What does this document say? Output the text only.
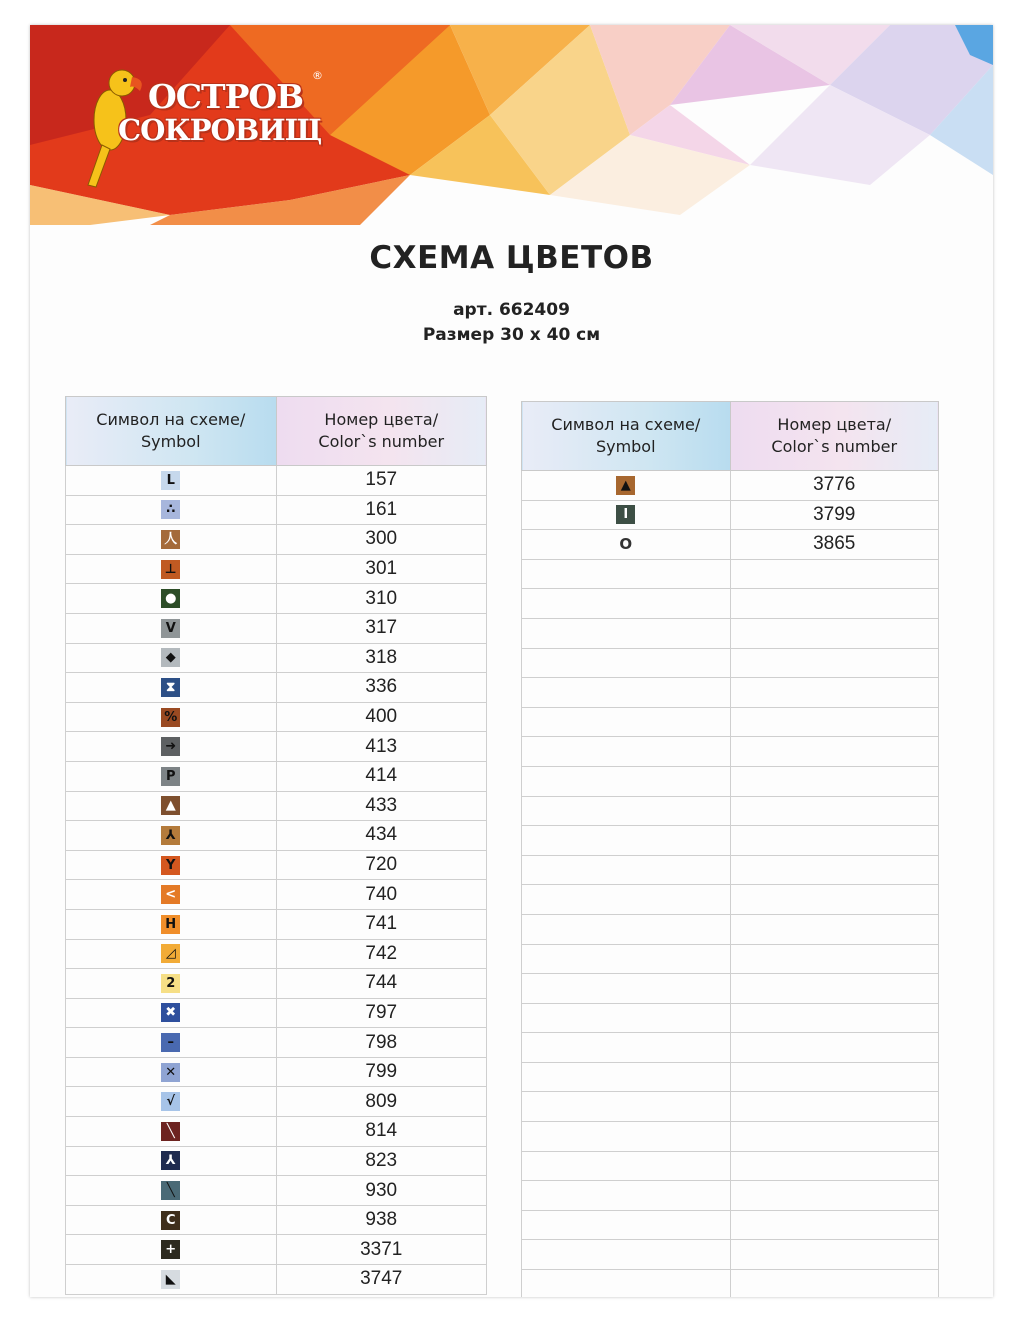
ОСТРОВ
СОКРОВИЩ
®
СХЕМА ЦВЕТОВ
арт. 662409
Размер 30 х 40 см
Символ на схеме/
Symbol	Номер цвета/
Color`s number
L	157
∴	161
人	300
⊥	301
●	310
V	317
◆	318
⧗	336
%	400
➜	413
P	414
▲	433
⅄	434
Y	720
<	740
H	741
◿	742
2	744
✖	797
–	798
✕	799
√	809
╲	814
⅄	823
╲	930
C	938
+	3371
◣	3747
Символ на схеме/
Symbol	Номер цвета/
Color`s number
▲	3776
I	3799
O	3865
